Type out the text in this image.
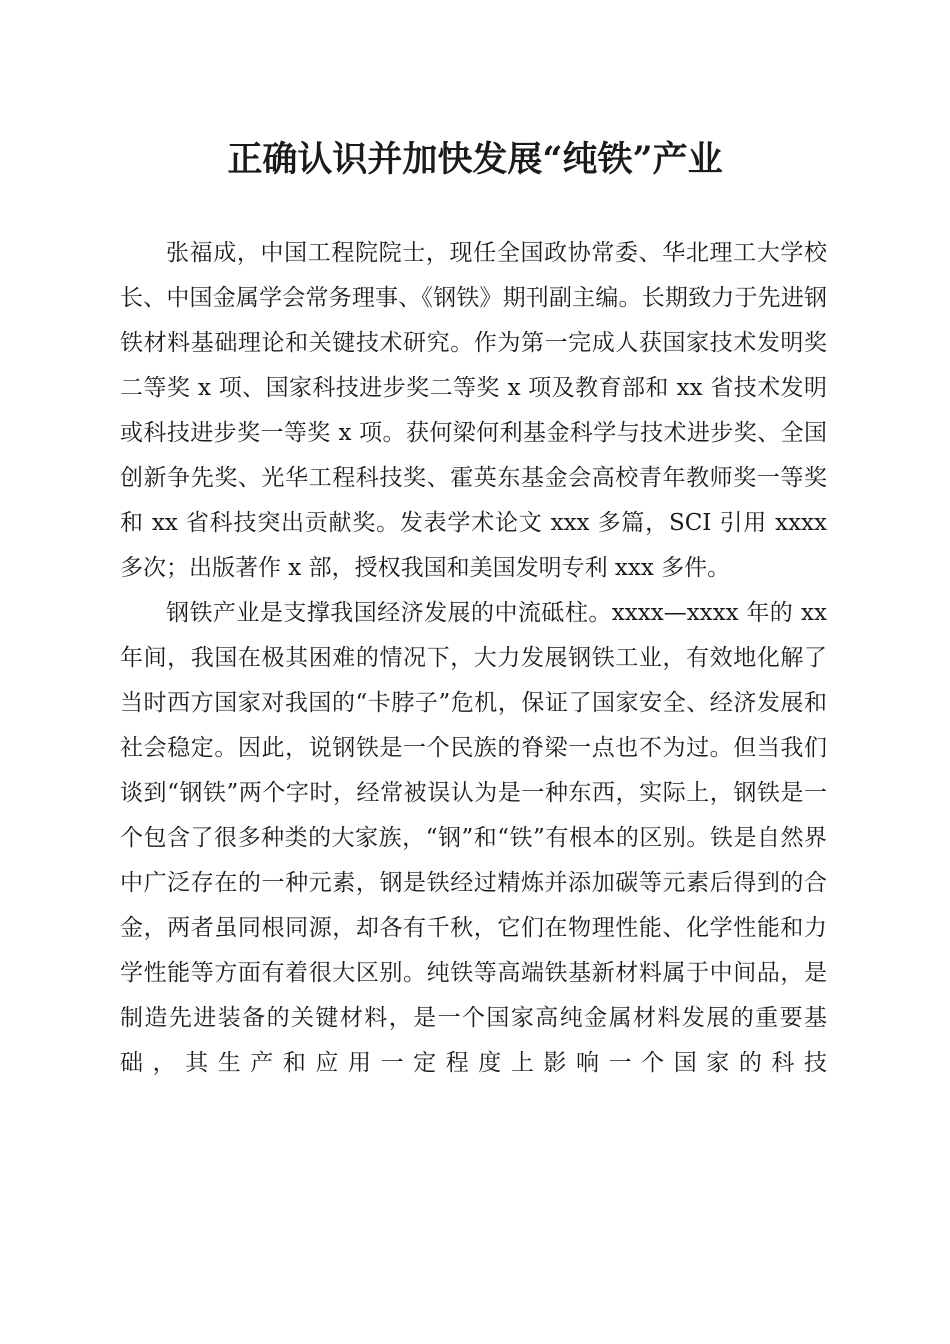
正确认识并加快发展“纯铁”产业

张福成，中国工程院院士，现任全国政协常委、华北理工大学校长、中国金属学会常务理事、《钢铁》期刊副主编。长期致力于先进钢铁材料基础理论和关键技术研究。作为第一完成人获国家技术发明奖二等奖 x 项、国家科技进步奖二等奖 x 项及教育部和 xx 省技术发明或科技进步奖一等奖 x 项。获何梁何利基金科学与技术进步奖、全国创新争先奖、光华工程科技奖、霍英东基金会高校青年教师奖一等奖和 xx 省科技突出贡献奖。发表学术论文 xxx 多篇，SCI 引用 xxxx 多次；出版著作 x 部，授权我国和美国发明专利 xxx 多件。

钢铁产业是支撑我国经济发展的中流砥柱。xxxx—xxxx 年的 xx 年间，我国在极其困难的情况下，大力发展钢铁工业，有效地化解了当时西方国家对我国的“卡脖子”危机，保证了国家安全、经济发展和社会稳定。因此，说钢铁是一个民族的脊梁一点也不为过。但当我们谈到“钢铁”两个字时，经常被误认为是一种东西，实际上，钢铁是一个包含了很多种类的大家族，“钢”和“铁”有根本的区别。铁是自然界中广泛存在的一种元素，钢是铁经过精炼并添加碳等元素后得到的合金，两者虽同根同源，却各有千秋，它们在物理性能、化学性能和力学性能等方面有着很大区别。纯铁等高端铁基新材料属于中间品，是制造先进装备的关键材料，是一个国家高纯金属材料发展的重要基础，其生产和应用一定程度上影响一个国家的科技
